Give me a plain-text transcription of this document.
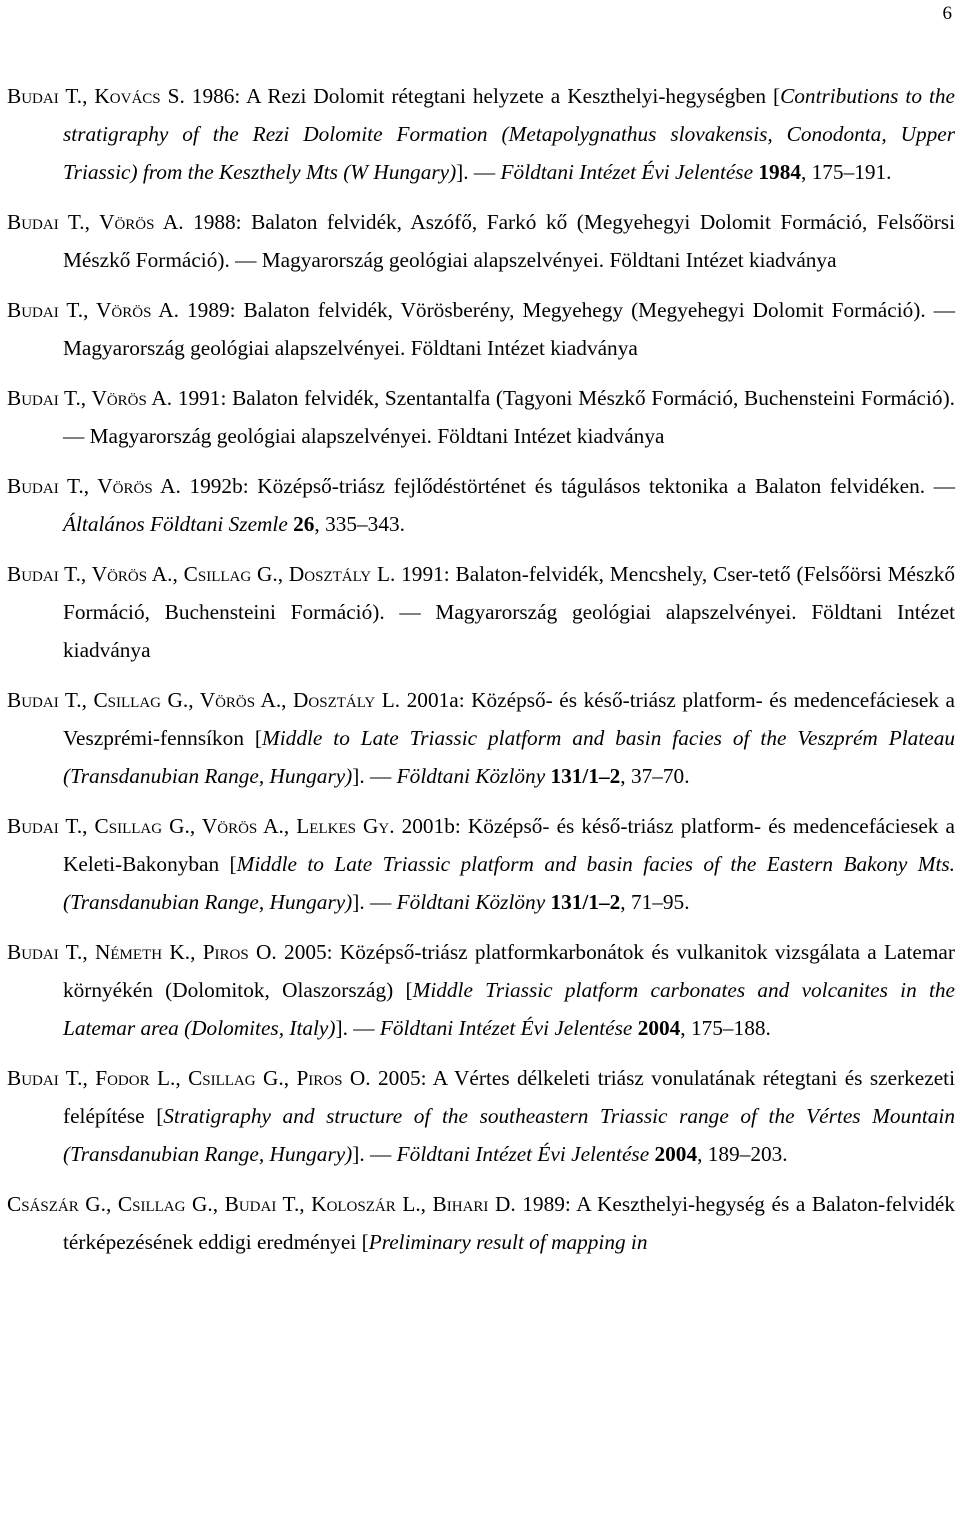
6

Budai T., Kovács S. 1986: A Rezi Dolomit rétegtani helyzete a Keszthelyi-hegységben [Contributions to the stratigraphy of the Rezi Dolomite Formation (Metapolygnathus slovakensis, Conodonta, Upper Triassic) from the Keszthely Mts (W Hungary)]. — Földtani Intézet Évi Jelentése 1984, 175–191.

Budai T., Vörös A. 1988: Balaton felvidék, Aszófő, Farkó kő (Megyehegyi Dolomit Formáció, Felsőörsi Mészkő Formáció). — Magyarország geológiai alapszelvényei. Földtani Intézet kiadványa

Budai T., Vörös A. 1989: Balaton felvidék, Vörösberény, Megyehegy (Megyehegyi Dolomit Formáció). — Magyarország geológiai alapszelvényei. Földtani Intézet kiadványa

Budai T., Vörös A. 1991: Balaton felvidék, Szentantalfa (Tagyoni Mészkő Formáció, Buchensteini Formáció). — Magyarország geológiai alapszelvényei. Földtani Intézet kiadványa

Budai T., Vörös A. 1992b: Középső-triász fejlődéstörténet és tágulásos tektonika a Balaton felvidéken. — Általános Földtani Szemle 26, 335–343.

Budai T., Vörös A., Csillag G., Dosztály L. 1991: Balaton-felvidék, Mencshely, Cser-tető (Felsőörsi Mészkő Formáció, Buchensteini Formáció). — Magyarország geológiai alapszelvényei. Földtani Intézet kiadványa

Budai T., Csillag G., Vörös A., Dosztály L. 2001a: Középső- és késő-triász platform- és medencefáciesek a Veszprémi-fennsíkon [Middle to Late Triassic platform and basin facies of the Veszprém Plateau (Transdanubian Range, Hungary)]. — Földtani Közlöny 131/1–2, 37–70.

Budai T., Csillag G., Vörös A., Lelkes Gy. 2001b: Középső- és késő-triász platform- és medencefáciesek a Keleti-Bakonyban [Middle to Late Triassic platform and basin facies of the Eastern Bakony Mts. (Transdanubian Range, Hungary)]. — Földtani Közlöny 131/1–2, 71–95.

Budai T., Németh K., Piros O. 2005: Középső-triász platformkarbonátok és vulkanitok vizsgálata a Latemar környékén (Dolomitok, Olaszország) [Middle Triassic platform carbonates and volcanites in the Latemar area (Dolomites, Italy)]. — Földtani Intézet Évi Jelentése 2004, 175–188.

Budai T., Fodor L., Csillag G., Piros O. 2005: A Vértes délkeleti triász vonulatának rétegtani és szerkezeti felépítése [Stratigraphy and structure of the southeastern Triassic range of the Vértes Mountain (Transdanubian Range, Hungary)]. — Földtani Intézet Évi Jelentése 2004, 189–203.

Császár G., Csillag G., Budai T., Koloszár L., Bihari D. 1989: A Keszthelyi-hegység és a Balaton-felvidék térképezésének eddigi eredményei [Preliminary result of mapping in
